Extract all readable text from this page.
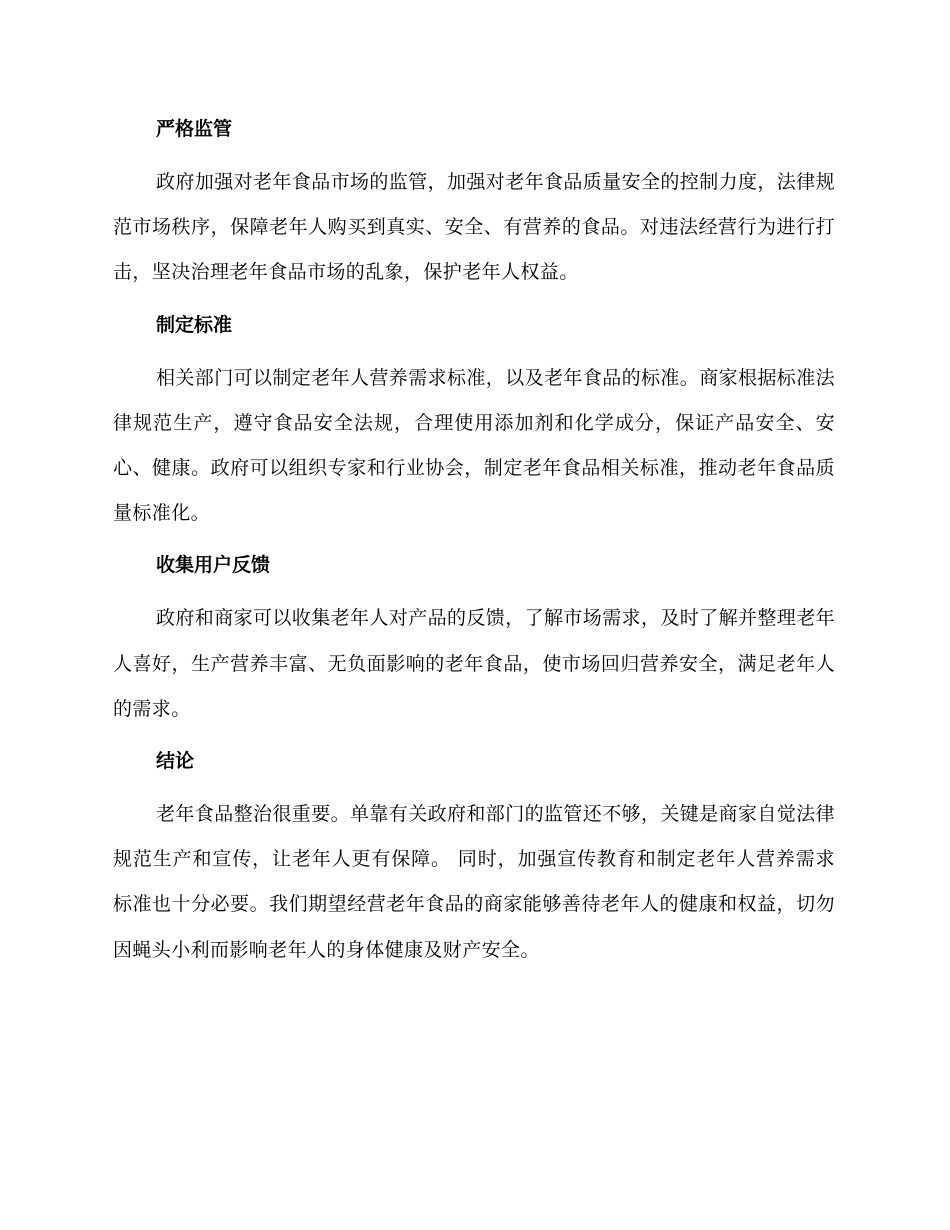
严格监管

政府加强对老年食品市场的监管，加强对老年食品质量安全的控制力度，法律规范市场秩序，保障老年人购买到真实、安全、有营养的食品。对违法经营行为进行打击，坚决治理老年食品市场的乱象，保护老年人权益。

制定标准

相关部门可以制定老年人营养需求标准，以及老年食品的标准。商家根据标准法律规范生产，遵守食品安全法规，合理使用添加剂和化学成分，保证产品安全、安心、健康。政府可以组织专家和行业协会，制定老年食品相关标准，推动老年食品质量标准化。

收集用户反馈

政府和商家可以收集老年人对产品的反馈，了解市场需求，及时了解并整理老年人喜好，生产营养丰富、无负面影响的老年食品，使市场回归营养安全，满足老年人的需求。

结论

老年食品整治很重要。单靠有关政府和部门的监管还不够，关键是商家自觉法律规范生产和宣传，让老年人更有保障。 同时，加强宣传教育和制定老年人营养需求标准也十分必要。我们期望经营老年食品的商家能够善待老年人的健康和权益，切勿因蝇头小利而影响老年人的身体健康及财产安全。
